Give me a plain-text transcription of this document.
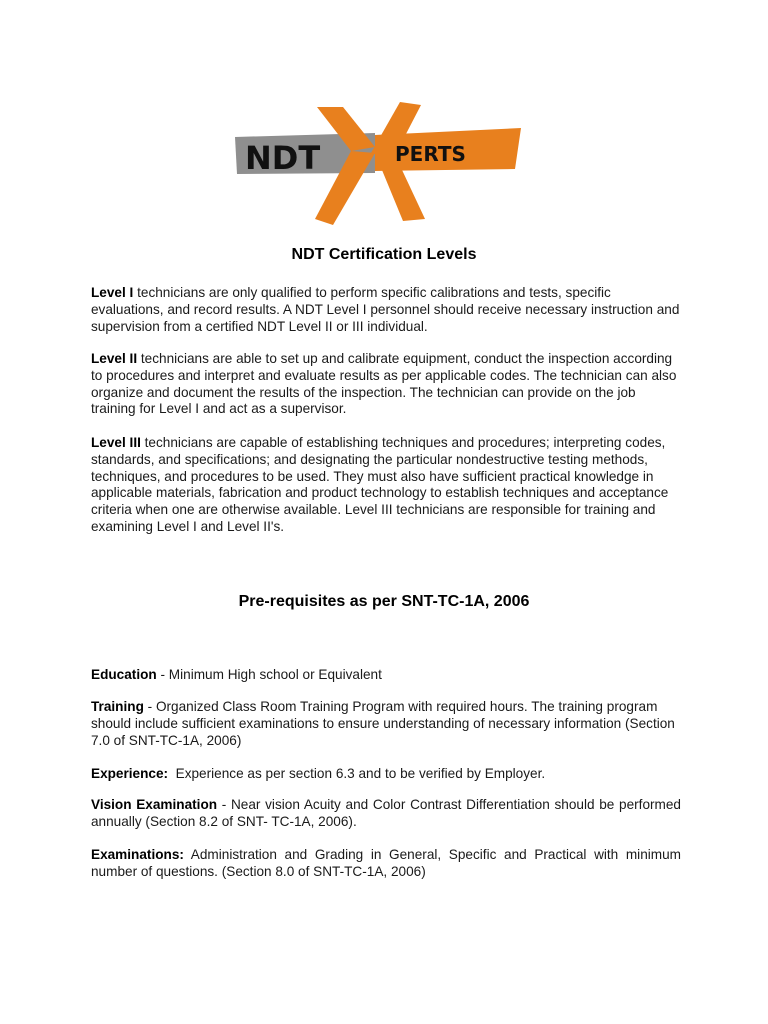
NDT	PERTS
NDT Certification Levels

Level I technicians are only qualified to perform specific calibrations and tests, specific evaluations, and record results. A NDT Level I personnel should receive necessary instruction and supervision from a certified NDT Level II or III individual.

Level II technicians are able to set up and calibrate equipment, conduct the inspection according to procedures and interpret and evaluate results as per applicable codes. The technician can also organize and document the results of the inspection. The technician can provide on the job training for Level I and act as a supervisor.

Level III technicians are capable of establishing techniques and procedures; interpreting codes, standards, and specifications; and designating the particular nondestructive testing methods, techniques, and procedures to be used. They must also have sufficient practical knowledge in applicable materials, fabrication and product technology to establish techniques and acceptance criteria when one are otherwise available. Level III technicians are responsible for training and examining Level I and Level II's.

Pre-requisites as per SNT-TC-1A, 2006

Education - Minimum High school or Equivalent

Training - Organized Class Room Training Program with required hours. The training program should include sufficient examinations to ensure understanding of necessary information (Section 7.0 of SNT-TC-1A, 2006)

Experience:  Experience as per section 6.3 and to be verified by Employer.

Vision Examination - Near vision Acuity and Color Contrast Differentiation should be performed annually (Section 8.2 of SNT- TC-1A, 2006).

Examinations: Administration and Grading in General, Specific and Practical with minimum number of questions. (Section 8.0 of SNT-TC-1A, 2006)
